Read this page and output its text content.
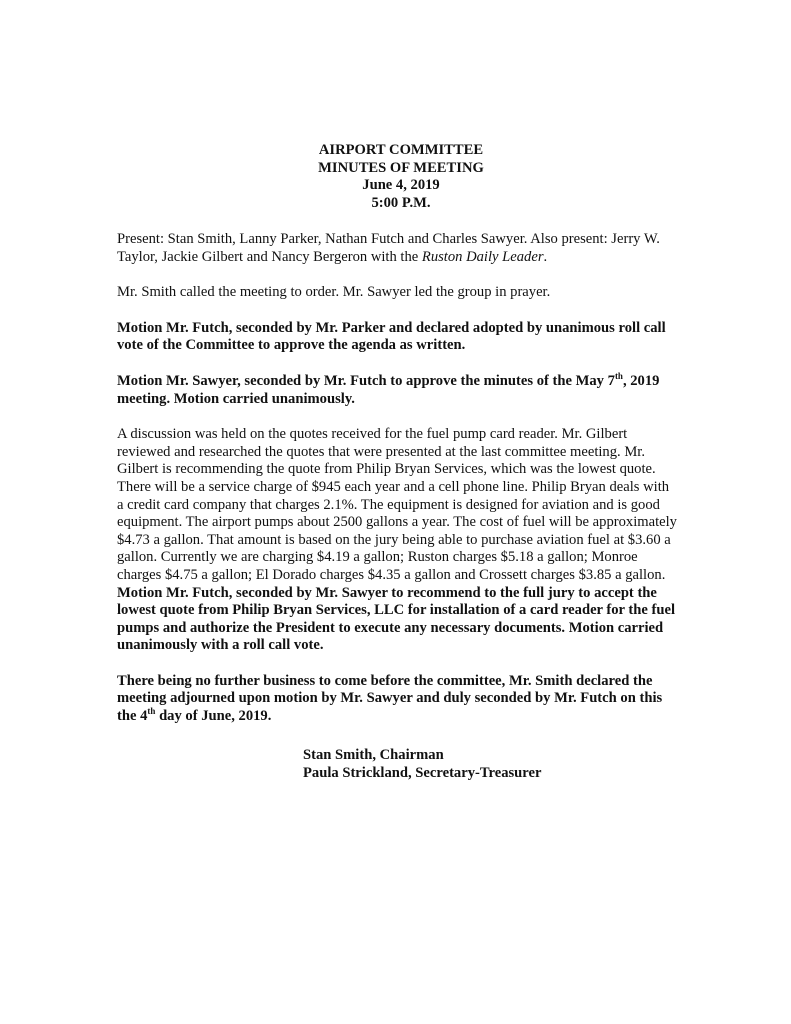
AIRPORT COMMITTEE
MINUTES OF MEETING
June 4, 2019
5:00 P.M.

Present: Stan Smith, Lanny Parker, Nathan Futch and Charles Sawyer. Also present: Jerry W. Taylor, Jackie Gilbert and Nancy Bergeron with the Ruston Daily Leader.

Mr. Smith called the meeting to order. Mr. Sawyer led the group in prayer.

Motion Mr. Futch, seconded by Mr. Parker and declared adopted by unanimous roll call vote of the Committee to approve the agenda as written.

Motion Mr. Sawyer, seconded by Mr. Futch to approve the minutes of the May 7th, 2019 meeting. Motion carried unanimously.

A discussion was held on the quotes received for the fuel pump card reader. Mr. Gilbert reviewed and researched the quotes that were presented at the last committee meeting. Mr. Gilbert is recommending the quote from Philip Bryan Services, which was the lowest quote. There will be a service charge of $945 each year and a cell phone line. Philip Bryan deals with a credit card company that charges 2.1%. The equipment is designed for aviation and is good equipment. The airport pumps about 2500 gallons a year. The cost of fuel will be approximately $4.73 a gallon. That amount is based on the jury being able to purchase aviation fuel at $3.60 a gallon. Currently we are charging $4.19 a gallon; Ruston charges $5.18 a gallon; Monroe charges $4.75 a gallon; El Dorado charges $4.35 a gallon and Crossett charges $3.85 a gallon. Motion Mr. Futch, seconded by Mr. Sawyer to recommend to the full jury to accept the lowest quote from Philip Bryan Services, LLC for installation of a card reader for the fuel pumps and authorize the President to execute any necessary documents. Motion carried unanimously with a roll call vote.

There being no further business to come before the committee, Mr. Smith declared the meeting adjourned upon motion by Mr. Sawyer and duly seconded by Mr. Futch on this the 4th day of June, 2019.

Stan Smith, Chairman
Paula Strickland, Secretary-Treasurer
